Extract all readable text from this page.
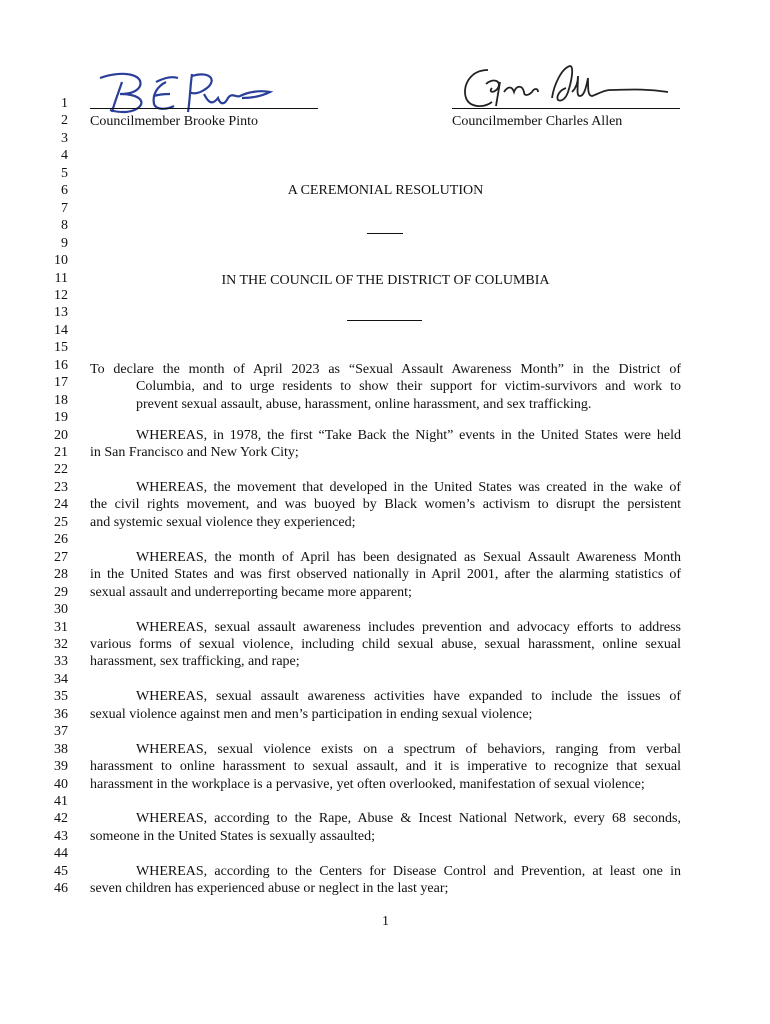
Councilmember Brooke Pinto	Councilmember Charles Allen
A CEREMONIAL RESOLUTION
IN THE COUNCIL OF THE DISTRICT OF COLUMBIA
To declare the month of April 2023 as “Sexual Assault Awareness Month” in the District of
Columbia, and to urge residents to show their support for victim-survivors and work to
prevent sexual assault, abuse, harassment, online harassment, and sex trafficking.
WHEREAS, in 1978, the first “Take Back the Night” events in the United States were held
in San Francisco and New York City;
WHEREAS, the movement that developed in the United States was created in the wake of
the civil rights movement, and was buoyed by Black women’s activism to disrupt the persistent
and systemic sexual violence they experienced;
WHEREAS, the month of April has been designated as Sexual Assault Awareness Month
in the United States and was first observed nationally in April 2001, after the alarming statistics of
sexual assault and underreporting became more apparent;
WHEREAS, sexual assault awareness includes prevention and advocacy efforts to address
various forms of sexual violence, including child sexual abuse, sexual harassment, online sexual
harassment, sex trafficking, and rape;
WHEREAS, sexual assault awareness activities have expanded to include the issues of
sexual violence against men and men’s participation in ending sexual violence;
WHEREAS, sexual violence exists on a spectrum of behaviors, ranging from verbal
harassment to online harassment to sexual assault, and it is imperative to recognize that sexual
harassment in the workplace is a pervasive, yet often overlooked, manifestation of sexual violence;
WHEREAS, according to the Rape, Abuse & Incest National Network, every 68 seconds,
someone in the United States is sexually assaulted;
WHEREAS, according to the Centers for Disease Control and Prevention, at least one in
seven children has experienced abuse or neglect in the last year;
1
1
2
3
4
5
6
7
8
9
10
11
12
13
14
15
16
17
18
19
20
21
22
23
24
25
26
27
28
29
30
31
32
33
34
35
36
37
38
39
40
41
42
43
44
45
46
